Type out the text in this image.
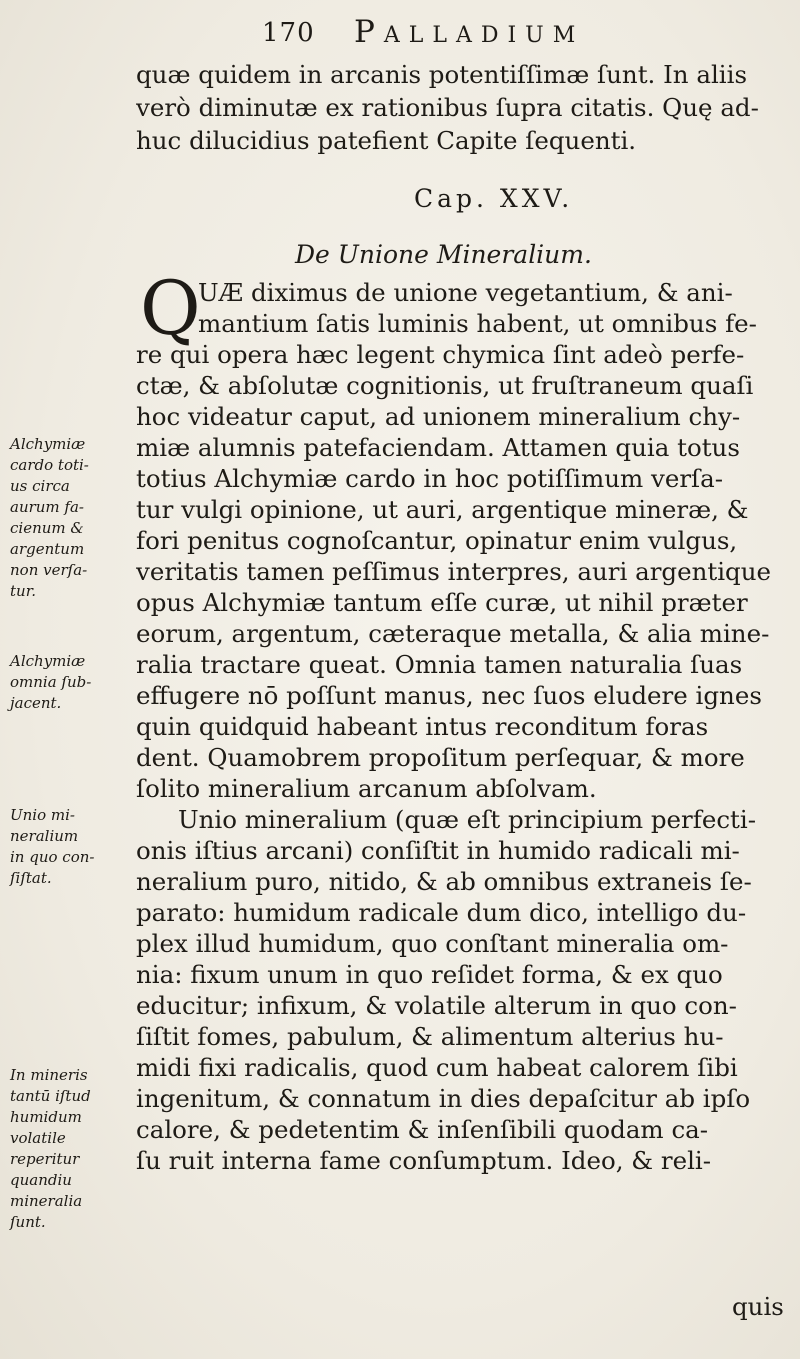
170 Palladium
quæ quidem in arcanis potentiſſimæ ſunt. In aliis
verò diminutæ ex rationibus ſupra citatis. Quę ad-
huc dilucidius patefient Capite ſequenti.
Cap. XXV.
De Unione Mineralium.
Q
UÆ diximus de unione vegetantium, & ani-
mantium ſatis luminis habent, ut omnibus fe-
re qui opera hæc legent chymica ſint adeò perfe-
ctæ, & abſolutæ cognitionis, ut fruſtraneum quaſi
hoc videatur caput, ad unionem mineralium chy-
miæ alumnis patefaciendam. Attamen quia totus
totius Alchymiæ cardo in hoc potiſſimum verſa-
tur vulgi opinione, ut auri, argentique mineræ, &
fori penitus cognoſcantur, opinatur enim vulgus,
veritatis tamen peſſimus interpres, auri argentique
opus Alchymiæ tantum eſſe curæ, ut nihil præter
eorum, argentum, cæteraque metalla, & alia mine-
ralia tractare queat. Omnia tamen naturalia ſuas
effugere nō poſſunt manus, nec ſuos eludere ignes
quin quidquid habeant intus reconditum foras
dent. Quamobrem propoſitum perſequar, & more
ſolito mineralium arcanum abſolvam.
Unio mineralium (quæ eſt principium perfecti-
onis iſtius arcani) conſiſtit in humido radicali mi-
neralium puro, nitido, & ab omnibus extraneis ſe-
parato: humidum radicale dum dico, intelligo du-
plex illud humidum, quo conſtant mineralia om-
nia: fixum unum in quo reſidet forma, & ex quo
educitur; infixum, & volatile alterum in quo con-
ſiſtit fomes, pabulum, & alimentum alterius hu-
midi fixi radicalis, quod cum habeat calorem ſibi
ingenitum, & connatum in dies depaſcitur ab ipſo
calore, & pedetentim & inſenſibili quodam ca-
ſu ruit interna fame conſumptum. Ideo, & reli-
quis
Alchymiæ
cardo toti-
us circa
aurum fa-
cienum &
argentum
non verſa-
tur.
Alchymiæ
omnia ſub-
jacent.
Unio mi-
neralium
in quo con-
ſiſtat.
In mineris
tantū iſtud
humidum
volatile
reperitur
quandiu
mineralia
ſunt.
